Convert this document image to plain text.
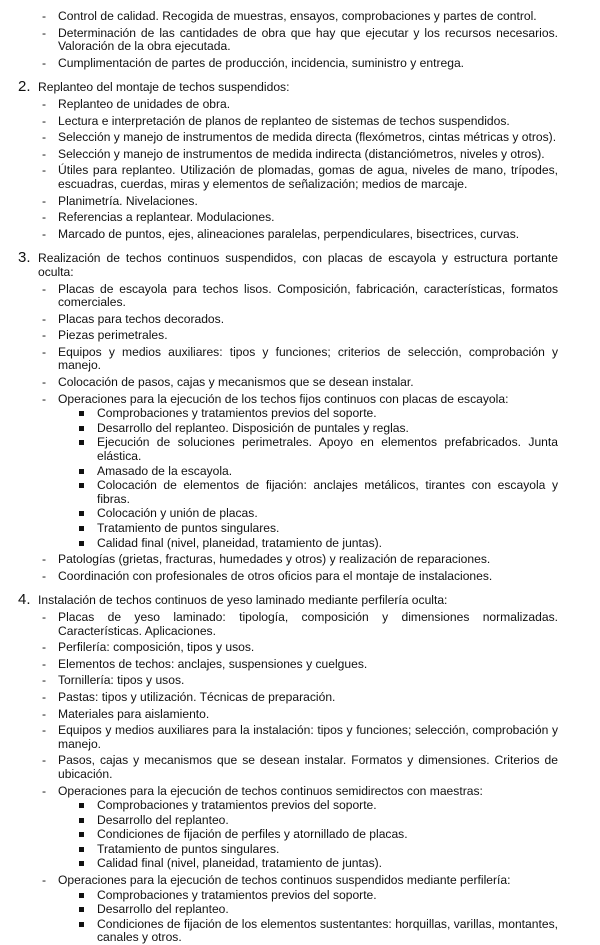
- Control de calidad. Recogida de muestras, ensayos, comprobaciones y partes de control.
- Determinación de las cantidades de obra que hay que ejecutar y los recursos necesarios. Valoración de la obra ejecutada.
- Cumplimentación de partes de producción, incidencia, suministro y entrega.
2. Replanteo del montaje de techos suspendidos:
- Replanteo de unidades de obra.
- Lectura e interpretación de planos de replanteo de sistemas de techos suspendidos.
- Selección y manejo de instrumentos de medida directa (flexómetros, cintas métricas y otros).
- Selección y manejo de instrumentos de medida indirecta (distanciómetros, niveles y otros).
- Útiles para replanteo. Utilización de plomadas, gomas de agua, niveles de mano, trípodes, escuadras, cuerdas, miras y elementos de señalización; medios de marcaje.
- Planimetría. Nivelaciones.
- Referencias a replantear. Modulaciones.
- Marcado de puntos, ejes, alineaciones paralelas, perpendiculares, bisectrices, curvas.
3. Realización de techos continuos suspendidos, con placas de escayola y estructura portante oculta:
- Placas de escayola para techos lisos. Composición, fabricación, características, formatos comerciales.
- Placas para techos decorados.
- Piezas perimetrales.
- Equipos y medios auxiliares: tipos y funciones; criterios de selección, comprobación y manejo.
- Colocación de pasos, cajas y mecanismos que se desean instalar.
- Operaciones para la ejecución de los techos fijos continuos con placas de escayola:
Comprobaciones y tratamientos previos del soporte.
Desarrollo del replanteo. Disposición de puntales y reglas.
Ejecución de soluciones perimetrales. Apoyo en elementos prefabricados. Junta elástica.
Amasado de la escayola.
Colocación de elementos de fijación: anclajes metálicos, tirantes con escayola y fibras.
Colocación y unión de placas.
Tratamiento de puntos singulares.
Calidad final (nivel, planeidad, tratamiento de juntas).
- Patologías (grietas, fracturas, humedades y otros) y realización de reparaciones.
- Coordinación con profesionales de otros oficios para el montaje de instalaciones.
4. Instalación de techos continuos de yeso laminado mediante perfilería oculta:
- Placas de yeso laminado: tipología, composición y dimensiones normalizadas. Características. Aplicaciones.
- Perfilería: composición, tipos y usos.
- Elementos de techos: anclajes, suspensiones y cuelgues.
- Tornillería: tipos y usos.
- Pastas: tipos y utilización. Técnicas de preparación.
- Materiales para aislamiento.
- Equipos y medios auxiliares para la instalación: tipos y funciones; selección, comprobación y manejo.
- Pasos, cajas y mecanismos que se desean instalar. Formatos y dimensiones. Criterios de ubicación.
- Operaciones para la ejecución de techos continuos semidirectos con maestras:
Comprobaciones y tratamientos previos del soporte.
Desarrollo del replanteo.
Condiciones de fijación de perfiles y atornillado de placas.
Tratamiento de puntos singulares.
Calidad final (nivel, planeidad, tratamiento de juntas).
- Operaciones para la ejecución de techos continuos suspendidos mediante perfilería:
Comprobaciones y tratamientos previos del soporte.
Desarrollo del replanteo.
Condiciones de fijación de los elementos sustentantes: horquillas, varillas, montantes, canales y otros.
